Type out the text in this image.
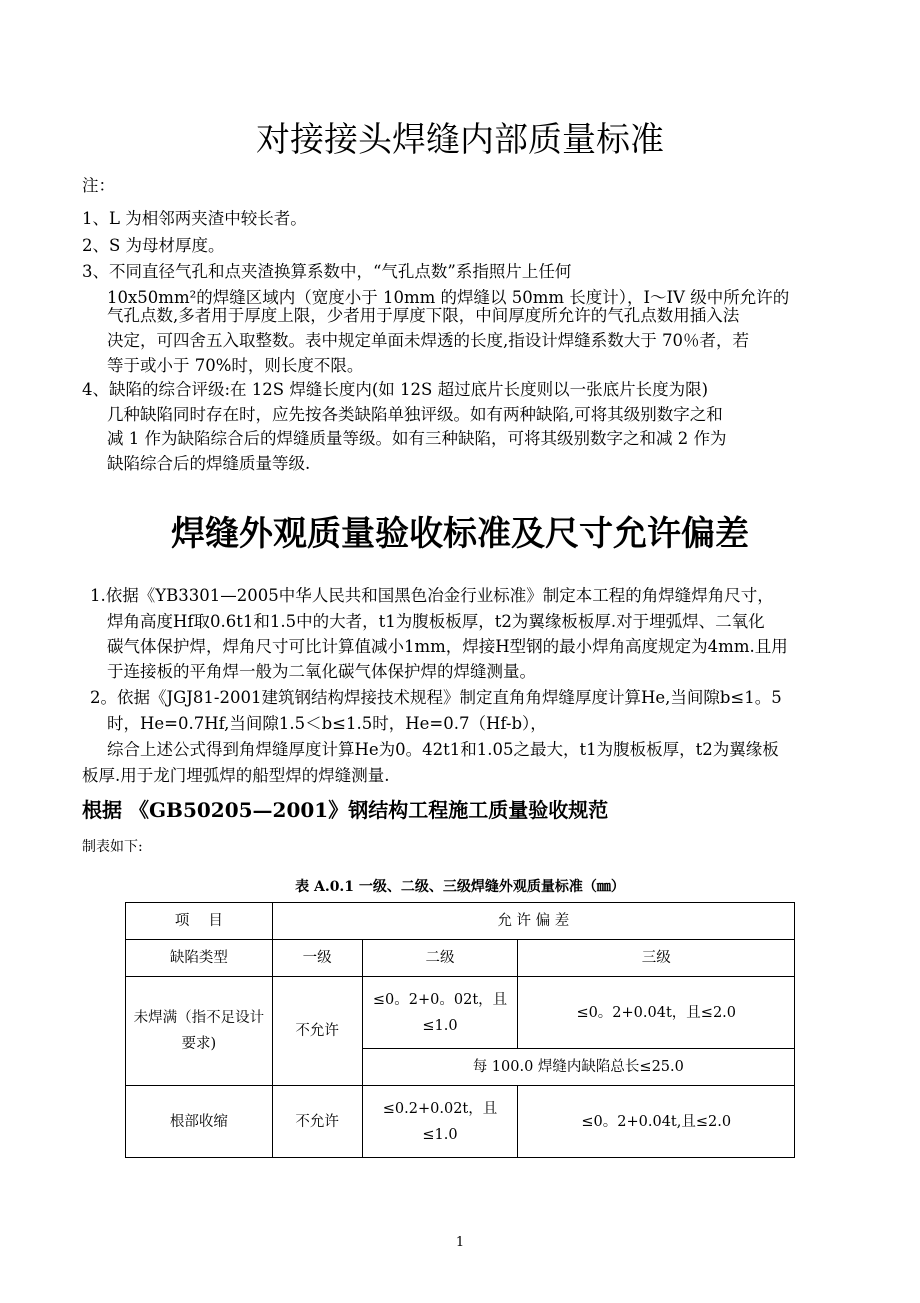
对接接头焊缝内部质量标准
注：
1、L 为相邻两夹渣中较长者。
2、S 为母材厚度。
3、不同直径气孔和点夹渣换算系数中，“气孔点数”系指照片上任何
10x50mm²的焊缝区域内（宽度小于 10mm 的焊缝以 50mm 长度计），I～IV 级中所允许的
气孔点数,多者用于厚度上限，少者用于厚度下限，中间厚度所允许的气孔点数用插入法
决定，可四舍五入取整数。表中规定单面未焊透的长度,指设计焊缝系数大于 70％者，若
等于或小于 70%时，则长度不限。
4、缺陷的综合评级:在 12S 焊缝长度内(如 12S 超过底片长度则以一张底片长度为限)
几种缺陷同时存在时，应先按各类缺陷单独评级。如有两种缺陷,可将其级别数字之和
减 1 作为缺陷综合后的焊缝质量等级。如有三种缺陷，可将其级别数字之和减 2 作为
缺陷综合后的焊缝质量等级.
焊缝外观质量验收标准及尺寸允许偏差
1.依据《YB3301—2005中华人民共和国黑色冶金行业标准》制定本工程的角焊缝焊角尺寸，
焊角高度Hf取0.6t1和1.5中的大者，t1为腹板板厚，t2为翼缘板板厚.对于埋弧焊、二氧化
碳气体保护焊，焊角尺寸可比计算值减小1mm，焊接H型钢的最小焊角高度规定为4mm.且用
于连接板的平角焊一般为二氧化碳气体保护焊的焊缝测量。
2。依据《JGJ81-2001建筑钢结构焊接技术规程》制定直角角焊缝厚度计算He,当间隙b≤1。5
时，He=0.7Hf,当间隙1.5＜b≤1.5时，He=0.7（Hf-b），
综合上述公式得到角焊缝厚度计算He为0。42t1和1.05之最大，t1为腹板板厚，t2为翼缘板
板厚.用于龙门埋弧焊的船型焊的焊缝测量.
根据 《GB50205—2001》钢结构工程施工质量验收规范
制表如下:
表 A.0.1 一级、二级、三级焊缝外观质量标准（㎜）
项　 目	允 许 偏 差		
缺陷类型	一级	二级	三级
未焊满（指不足设计要求)	不允许	≤0。2+0。02t，且≤1.0	≤0。2+0.04t，且≤2.0
		每 100.0 焊缝内缺陷总长≤25.0	
根部收缩	不允许	≤0.2+0.02t，且≤1.0	≤0。2+0.04t,且≤2.0
1
